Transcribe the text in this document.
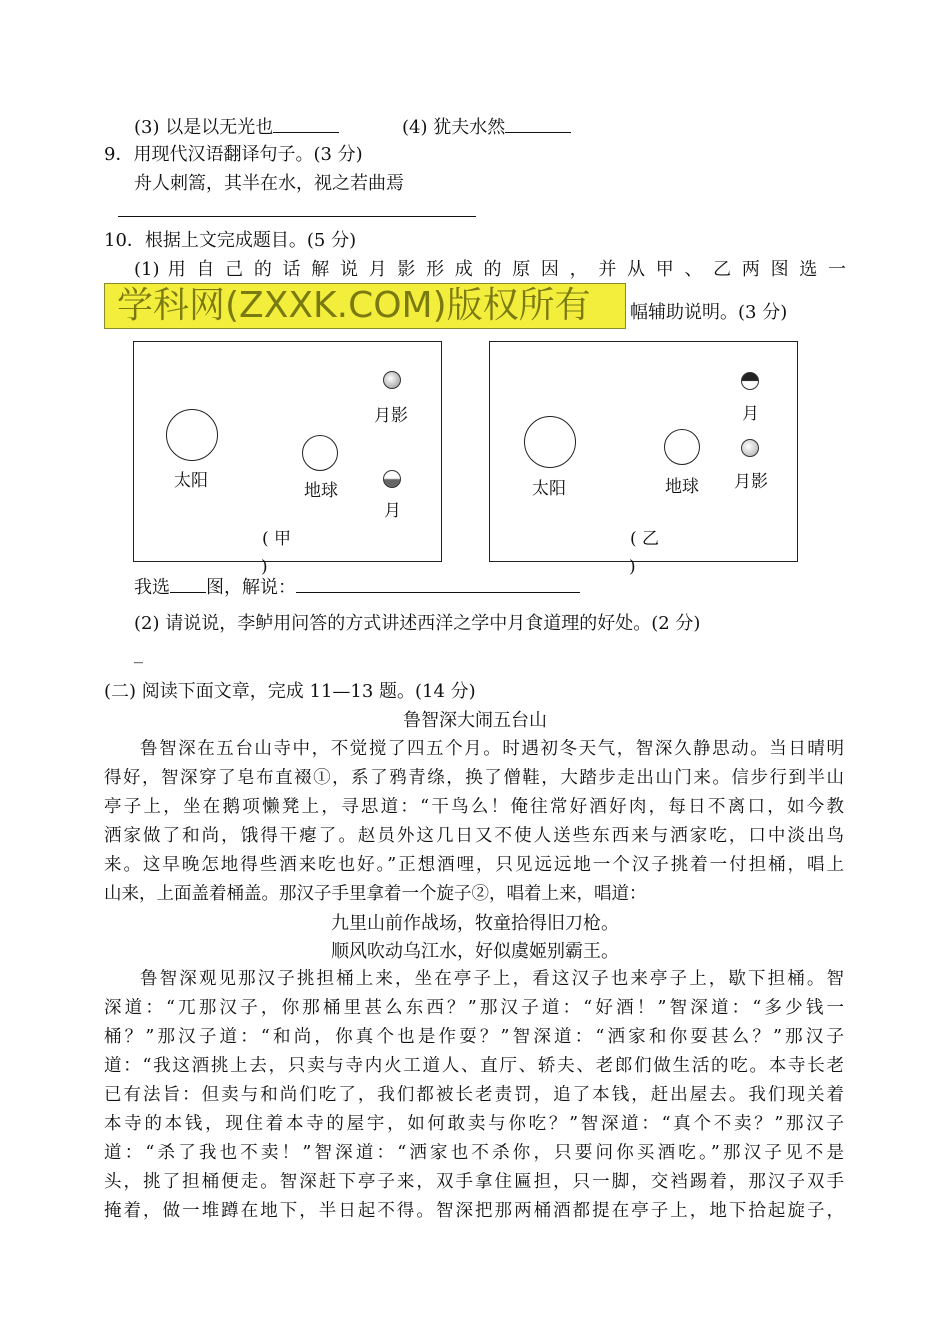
(3) 以是以无光也	(4) 犹夫水然
9．用现代汉语翻译句子。(3 分)
舟人刺篙，其半在水，视之若曲焉
10．根据上文完成题目。(5 分)
(1) 用 自 己 的 话 解 说 月 影 形 成 的 原 因 ， 并 从 甲 、 乙 两 图 选 一
学科网(ZXXK.COM)版权所有	幅辅助说明。(3 分)
太阳	地球
月影
月
( 甲
)
太阳	地球
月
月影
( 乙
)
我选 图，解说：
(2) 请说说，李鲈用问答的方式讲述西洋之学中月食道理的好处。(2 分)
_
(二) 阅读下面文章，完成 11—13 题。(14 分)
鲁智深大闹五台山
鲁智深在五台山寺中，不觉搅了四五个月。时遇初冬天气，智深久静思动。当日晴明
得好，智深穿了皂布直裰①，系了鸦青绦，换了僧鞋，大踏步走出山门来。信步行到半山
亭子上，坐在鹅项懒凳上，寻思道：“干鸟么！俺往常好酒好肉，每日不离口，如今教
洒家做了和尚，饿得干瘪了。赵员外这几日又不使人送些东西来与洒家吃，口中淡出鸟
来。这早晚怎地得些酒来吃也好。”正想酒哩，只见远远地一个汉子挑着一付担桶，唱上
山来，上面盖着桶盖。那汉子手里拿着一个旋子②，唱着上来，唱道：
九里山前作战场，牧童拾得旧刀枪。
顺风吹动乌江水，好似虞姬别霸王。
鲁智深观见那汉子挑担桶上来，坐在亭子上，看这汉子也来亭子上，歇下担桶。智
深道：“兀那汉子，你那桶里甚么东西？”那汉子道：“好酒！”智深道：“多少钱一
桶？”那汉子道：“和尚，你真个也是作耍？”智深道：“洒家和你耍甚么？”那汉子
道：“我这酒挑上去，只卖与寺内火工道人、直厅、轿夫、老郎们做生活的吃。本寺长老
已有法旨：但卖与和尚们吃了，我们都被长老责罚，追了本钱，赶出屋去。我们现关着
本寺的本钱，现住着本寺的屋宇，如何敢卖与你吃？”智深道：“真个不卖？”那汉子
道：“杀了我也不卖！”智深道：“洒家也不杀你，只要问你买酒吃。”那汉子见不是
头，挑了担桶便走。智深赶下亭子来，双手拿住匾担，只一脚，交裆踢着，那汉子双手
掩着，做一堆蹲在地下，半日起不得。智深把那两桶酒都提在亭子上，地下拾起旋子，
